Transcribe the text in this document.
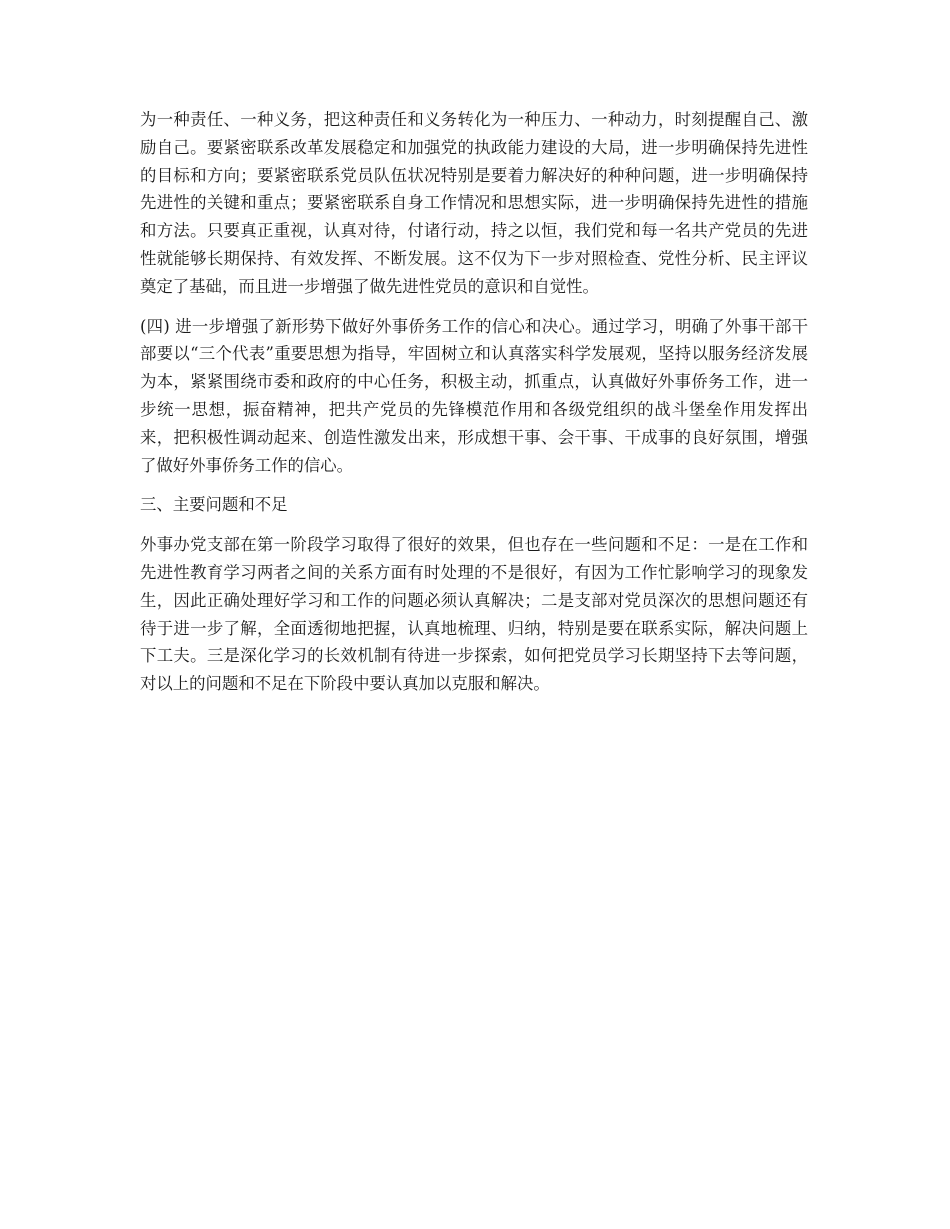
为一种责任、一种义务，把这种责任和义务转化为一种压力、一种动力，时刻提醒自己、激励自己。要紧密联系改革发展稳定和加强党的执政能力建设的大局，进一步明确保持先进性的目标和方向；要紧密联系党员队伍状况特别是要着力解决好的种种问题，进一步明确保持先进性的关键和重点；要紧密联系自身工作情况和思想实际，进一步明确保持先进性的措施和方法。只要真正重视，认真对待，付诸行动，持之以恒，我们党和每一名共产党员的先进性就能够长期保持、有效发挥、不断发展。这不仅为下一步对照检查、党性分析、民主评议奠定了基础，而且进一步增强了做先进性党员的意识和自觉性。

(四) 进一步增强了新形势下做好外事侨务工作的信心和决心。通过学习，明确了外事干部干部要以“三个代表”重要思想为指导，牢固树立和认真落实科学发展观，坚持以服务经济发展为本，紧紧围绕市委和政府的中心任务，积极主动，抓重点，认真做好外事侨务工作，进一步统一思想，振奋精神，把共产党员的先锋模范作用和各级党组织的战斗堡垒作用发挥出来，把积极性调动起来、创造性激发出来，形成想干事、会干事、干成事的良好氛围，增强了做好外事侨务工作的信心。

三、主要问题和不足

外事办党支部在第一阶段学习取得了很好的效果，但也存在一些问题和不足：一是在工作和先进性教育学习两者之间的关系方面有时处理的不是很好，有因为工作忙影响学习的现象发生，因此正确处理好学习和工作的问题必须认真解决；二是支部对党员深次的思想问题还有待于进一步了解，全面透彻地把握，认真地梳理、归纳，特别是要在联系实际，解决问题上下工夫。三是深化学习的长效机制有待进一步探索，如何把党员学习长期坚持下去等问题，对以上的问题和不足在下阶段中要认真加以克服和解决。
